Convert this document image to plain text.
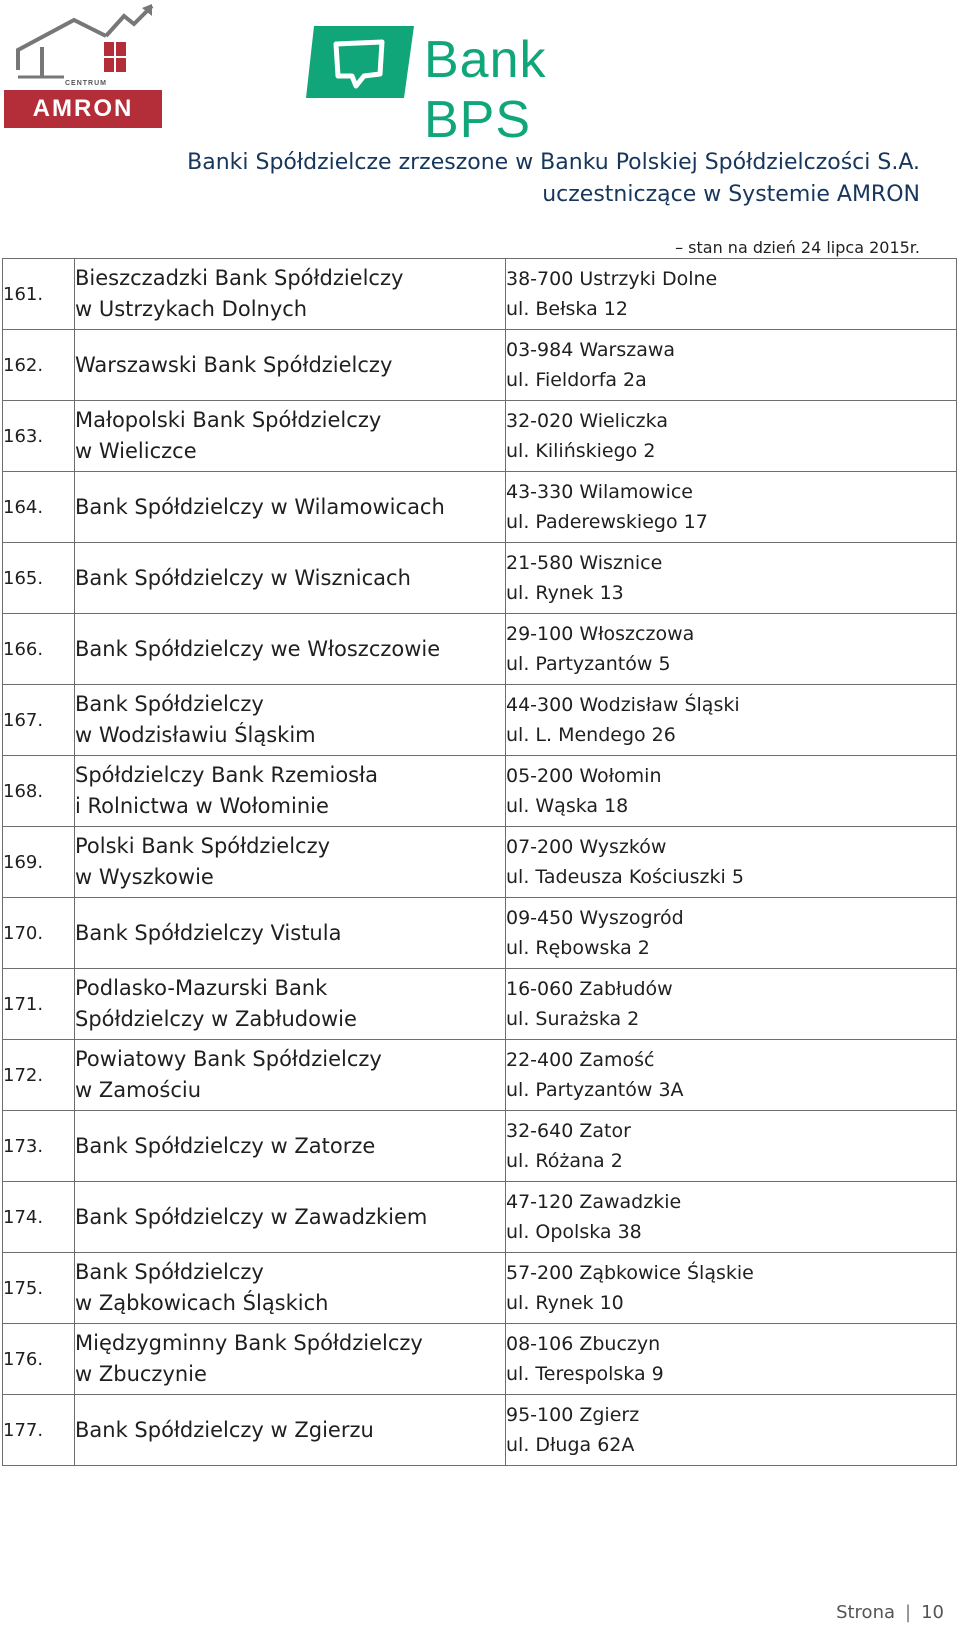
CENTRUM
AMRON
Bank BPS
Banki Spółdzielcze zrzeszone w Banku Polskiej Spółdzielczości S.A.
uczestniczące w Systemie AMRON
– stan na dzień 24 lipca 2015r.
161.	Bieszczadzki Bank Spółdzielczy
w Ustrzykach Dolnych	38-700 Ustrzyki Dolne
ul. Bełska 12

162.	Warszawski Bank Spółdzielczy	03-984 Warszawa
ul. Fieldorfa 2a

163.	Małopolski Bank Spółdzielczy
w Wieliczce	32-020 Wieliczka
ul. Kilińskiego 2

164.	Bank Spółdzielczy w Wilamowicach	43-330 Wilamowice
ul. Paderewskiego 17

165.	Bank Spółdzielczy w Wisznicach	21-580 Wisznice
ul. Rynek 13

166.	Bank Spółdzielczy we Włoszczowie	29-100 Włoszczowa
ul. Partyzantów 5

167.	Bank Spółdzielczy
w Wodzisławiu Śląskim	44-300 Wodzisław Śląski
ul. L. Mendego 26

168.	Spółdzielczy Bank Rzemiosła
i Rolnictwa w Wołominie	05-200 Wołomin
ul. Wąska 18

169.	Polski Bank Spółdzielczy
w Wyszkowie	07-200 Wyszków
ul. Tadeusza Kościuszki 5

170.	Bank Spółdzielczy Vistula	09-450 Wyszogród
ul. Rębowska 2

171.	Podlasko-Mazurski Bank
Spółdzielczy w Zabłudowie	16-060 Zabłudów
ul. Surażska 2

172.	Powiatowy Bank Spółdzielczy
w Zamościu	22-400 Zamość
ul. Partyzantów 3A

173.	Bank Spółdzielczy w Zatorze	32-640 Zator
ul. Różana 2

174.	Bank Spółdzielczy w Zawadzkiem	47-120 Zawadzkie
ul. Opolska 38

175.	Bank Spółdzielczy
w Ząbkowicach Śląskich	57-200 Ząbkowice Śląskie
ul. Rynek 10

176.	Międzygminny Bank Spółdzielczy
w Zbuczynie	08-106 Zbuczyn
ul. Terespolska 9

177.	Bank Spółdzielczy w Zgierzu	95-100 Zgierz
ul. Długa 62A
Strona | 10
